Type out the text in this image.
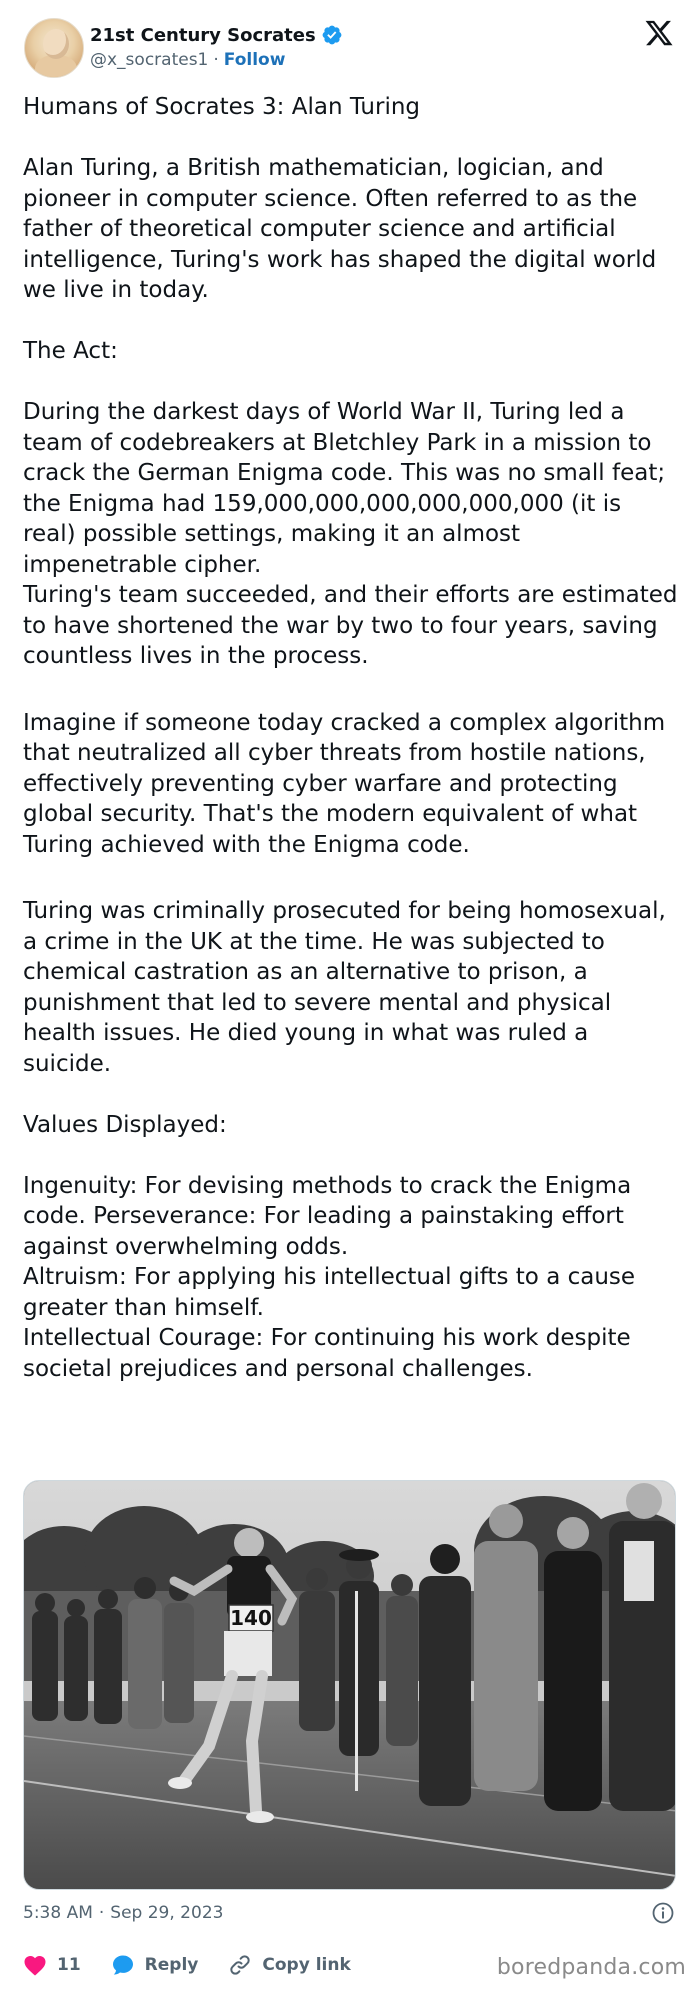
21st Century Socrates
@x_socrates1 · Follow

Humans of Socrates 3: Alan Turing

Alan Turing, a British mathematician, logician, and pioneer in computer science. Often referred to as the father of theoretical computer science and artificial intelligence, Turing's work has shaped the digital world we live in today.

The Act:

During the darkest days of World War II, Turing led a team of codebreakers at Bletchley Park in a mission to crack the German Enigma code. This was no small feat; the Enigma had 159,000,000,000,000,000,000 (it is real) possible settings, making it an almost impenetrable cipher.

Turing's team succeeded, and their efforts are estimated to have shortened the war by two to four years, saving countless lives in the process.

Imagine if someone today cracked a complex algorithm that neutralized all cyber threats from hostile nations, effectively preventing cyber warfare and protecting global security. That's the modern equivalent of what Turing achieved with the Enigma code.

Turing was criminally prosecuted for being homosexual, a crime in the UK at the time. He was subjected to chemical castration as an alternative to prison, a punishment that led to severe mental and physical health issues. He died young in what was ruled a suicide.

Values Displayed:

Ingenuity: For devising methods to crack the Enigma code. Perseverance: For leading a painstaking effort against overwhelming odds.

Altruism: For applying his intellectual gifts to a cause greater than himself.

Intellectual Courage: For continuing his work despite societal prejudices and personal challenges.

140
5:38 AM · Sep 29, 2023
11	Reply	Copy link	boredpanda.com
